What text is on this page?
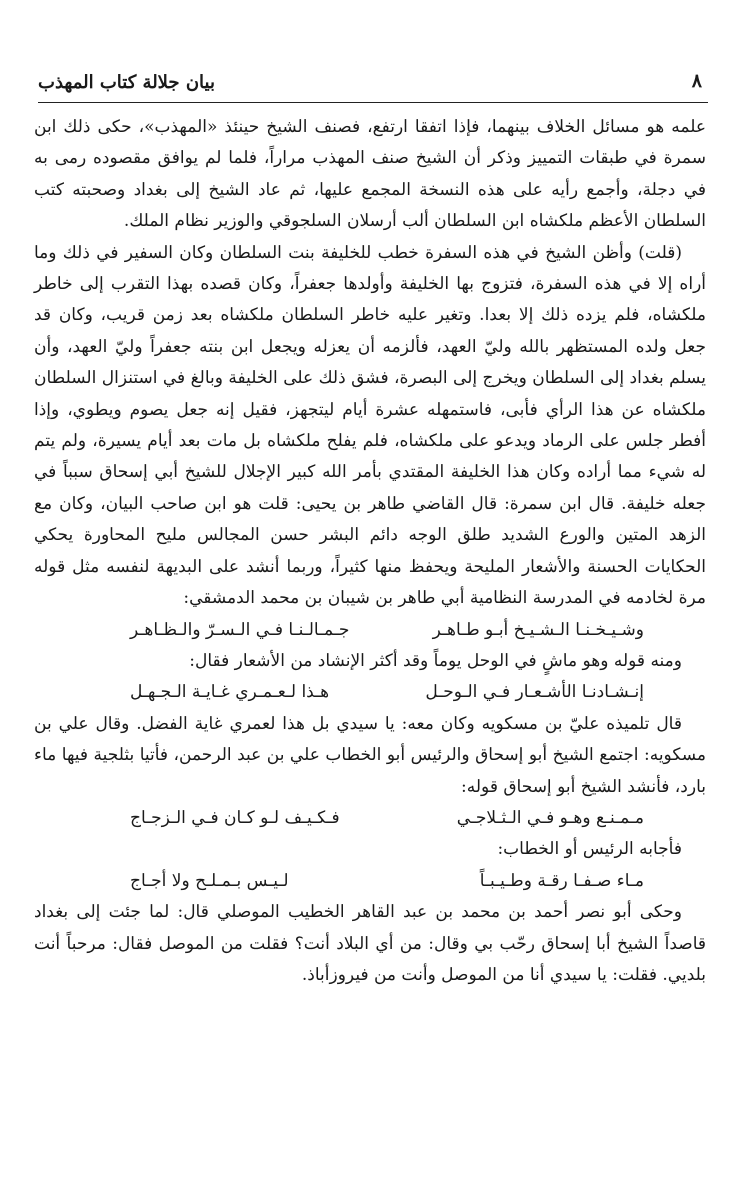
بيان جلالة كتاب المهذب	٨

علمه هو مسائل الخلاف بينهما، فإذا اتفقا ارتفع، فصنف الشيخ حينئذ «المهذب»، حكى ذلك ابن سمرة في طبقات التمييز وذكر أن الشيخ صنف المهذب مراراً، فلما لم يوافق مقصوده رمى به في دجلة، وأجمع رأيه على هذه النسخة المجمع عليها، ثم عاد الشيخ إلى بغداد وصحبته كتب السلطان الأعظم ملكشاه ابن السلطان ألب أرسلان السلجوقي والوزير نظام الملك.

(قلت) وأظن الشيخ في هذه السفرة خطب للخليفة بنت السلطان وكان السفير في ذلك وما أراه إلا في هذه السفرة، فتزوج بها الخليفة وأولدها جعفراً، وكان قصده بهذا التقرب إلى خاطر ملكشاه، فلم يزده ذلك إلا بعدا. وتغير عليه خاطر السلطان ملكشاه بعد زمن قريب، وكان قد جعل ولده المستظهر بالله وليّ العهد، فألزمه أن يعزله ويجعل ابن بنته جعفراً وليّ العهد، وأن يسلم بغداد إلى السلطان ويخرج إلى البصرة، فشق ذلك على الخليفة وبالغ في استنزال السلطان ملكشاه عن هذا الرأي فأبى، فاستمهله عشرة أيام ليتجهز، فقيل إنه جعل يصوم ويطوي، وإذا أفطر جلس على الرماد ويدعو على ملكشاه، فلم يفلح ملكشاه بل مات بعد أيام يسيرة، ولم يتم له شيء مما أراده وكان هذا الخليفة المقتدي بأمر الله كبير الإجلال للشيخ أبي إسحاق سبباً في جعله خليفة. قال ابن سمرة: قال القاضي طاهر بن يحيى: قلت هو ابن صاحب البيان، وكان مع الزهد المتين والورع الشديد طلق الوجه دائم البشر حسن المجالس مليح المحاورة يحكي الحكايات الحسنة والأشعار المليحة ويحفظ منها كثيراً، وربما أنشد على البديهة لنفسه مثل قوله مرة لخادمه في المدرسة النظامية أبي طاهر بن شيبان بن محمد الدمشقي:

وشـيـخـنـا الـشـيـخ أبـو طـاهـر
جـمـالـنـا فـي الـسـرّ والـظـاهـر

ومنه قوله وهو ماشٍ في الوحل يوماً وقد أكثر الإنشاد من الأشعار فقال:

إنـشـادنـا الأشـعـار فـي الـوحـل
هـذا لـعـمـري غـايـة الـجـهـل

قال تلميذه عليّ بن مسكويه وكان معه: يا سيدي بل هذا لعمري غاية الفضل. وقال علي بن مسكويه: اجتمع الشيخ أبو إسحاق والرئيس أبو الخطاب علي بن عبد الرحمن، فأتيا بثلجية فيها ماء بارد، فأنشد الشيخ أبو إسحاق قوله:

مـمـنـع وهـو فـي الـثـلاجـي
فـكـيـف لـو كـان فـي الـزجـاج

فأجابه الرئيس أو الخطاب:

مـاء صـفـا رقـة وطـيـبـاً
لـيـس بـمـلـح ولا أجـاج

وحكى أبو نصر أحمد بن محمد بن عبد القاهر الخطيب الموصلي قال: لما جئت إلى بغداد قاصداً الشيخ أبا إسحاق رحّب بي وقال: من أي البلاد أنت؟ فقلت من الموصل فقال: مرحباً أنت بلديي. فقلت: يا سيدي أنا من الموصل وأنت من فيروزأباذ.
